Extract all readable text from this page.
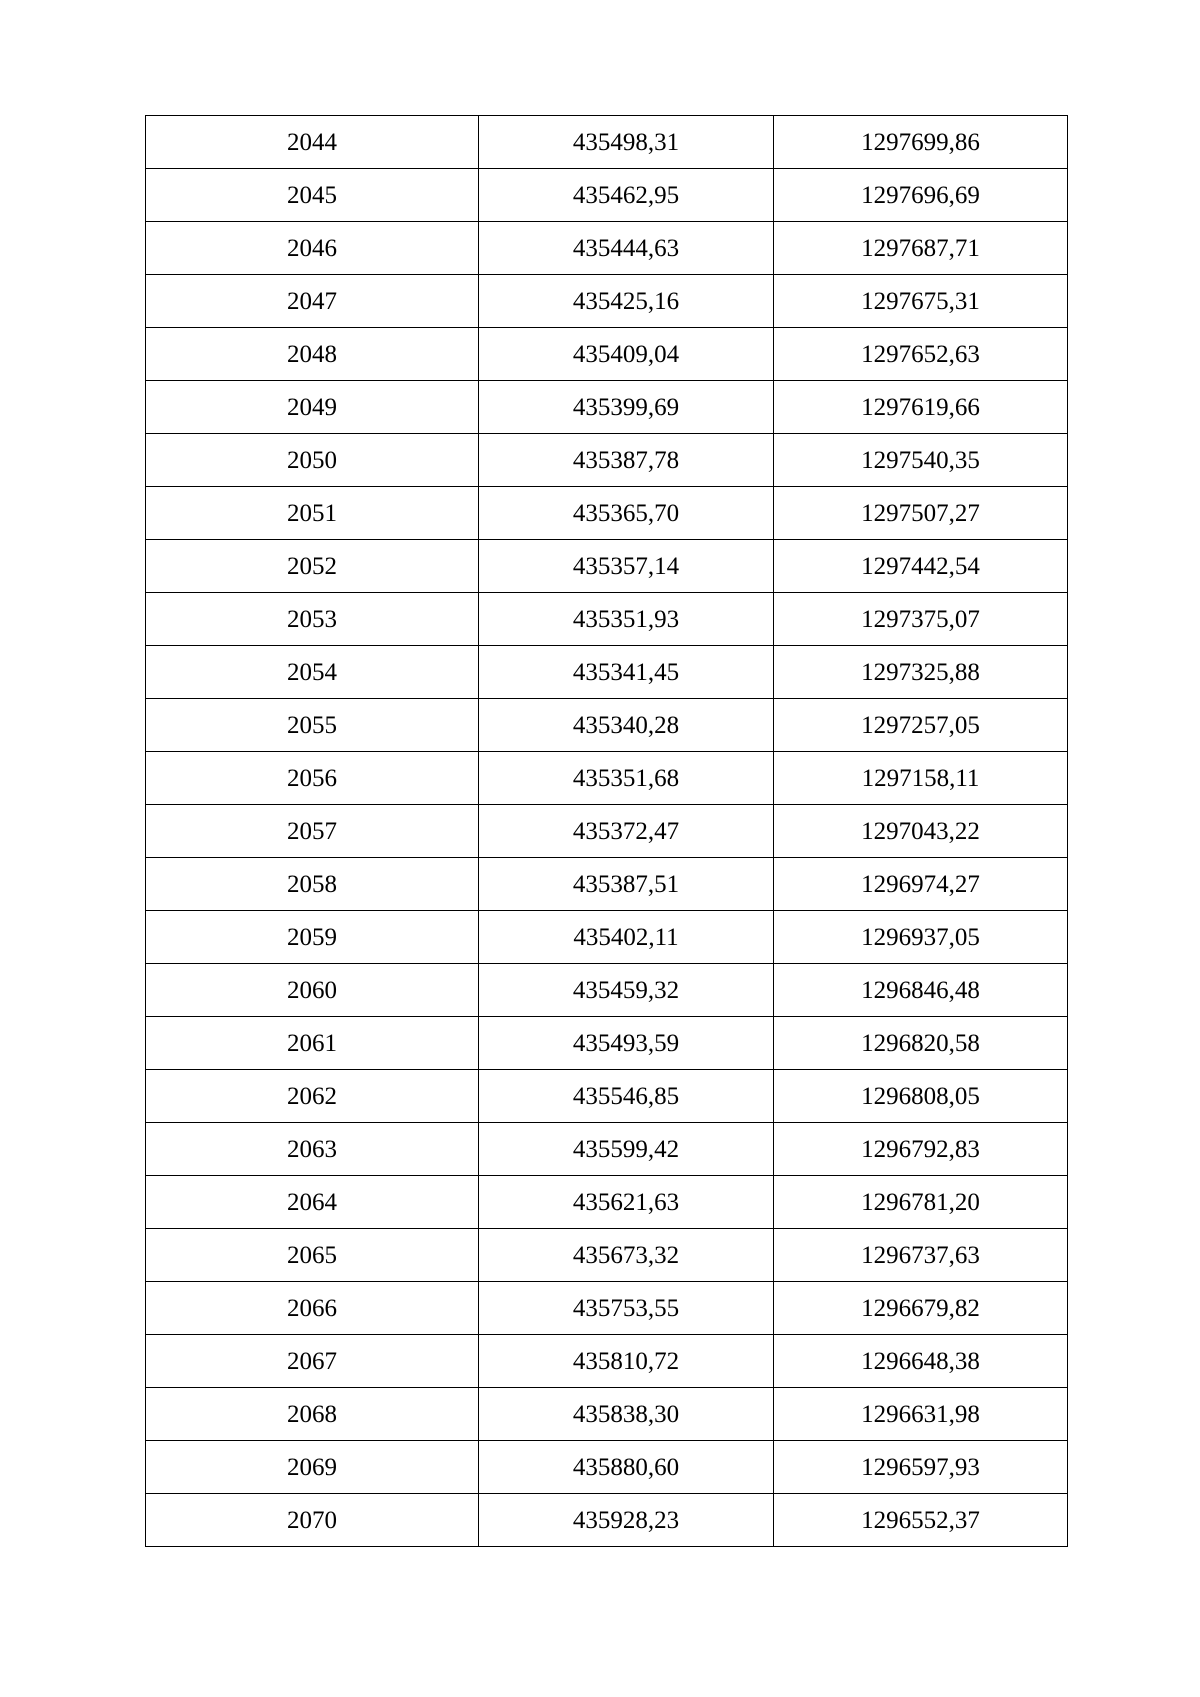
2044	435498,31	1297699,86
2045	435462,95	1297696,69
2046	435444,63	1297687,71
2047	435425,16	1297675,31
2048	435409,04	1297652,63
2049	435399,69	1297619,66
2050	435387,78	1297540,35
2051	435365,70	1297507,27
2052	435357,14	1297442,54
2053	435351,93	1297375,07
2054	435341,45	1297325,88
2055	435340,28	1297257,05
2056	435351,68	1297158,11
2057	435372,47	1297043,22
2058	435387,51	1296974,27
2059	435402,11	1296937,05
2060	435459,32	1296846,48
2061	435493,59	1296820,58
2062	435546,85	1296808,05
2063	435599,42	1296792,83
2064	435621,63	1296781,20
2065	435673,32	1296737,63
2066	435753,55	1296679,82
2067	435810,72	1296648,38
2068	435838,30	1296631,98
2069	435880,60	1296597,93
2070	435928,23	1296552,37
